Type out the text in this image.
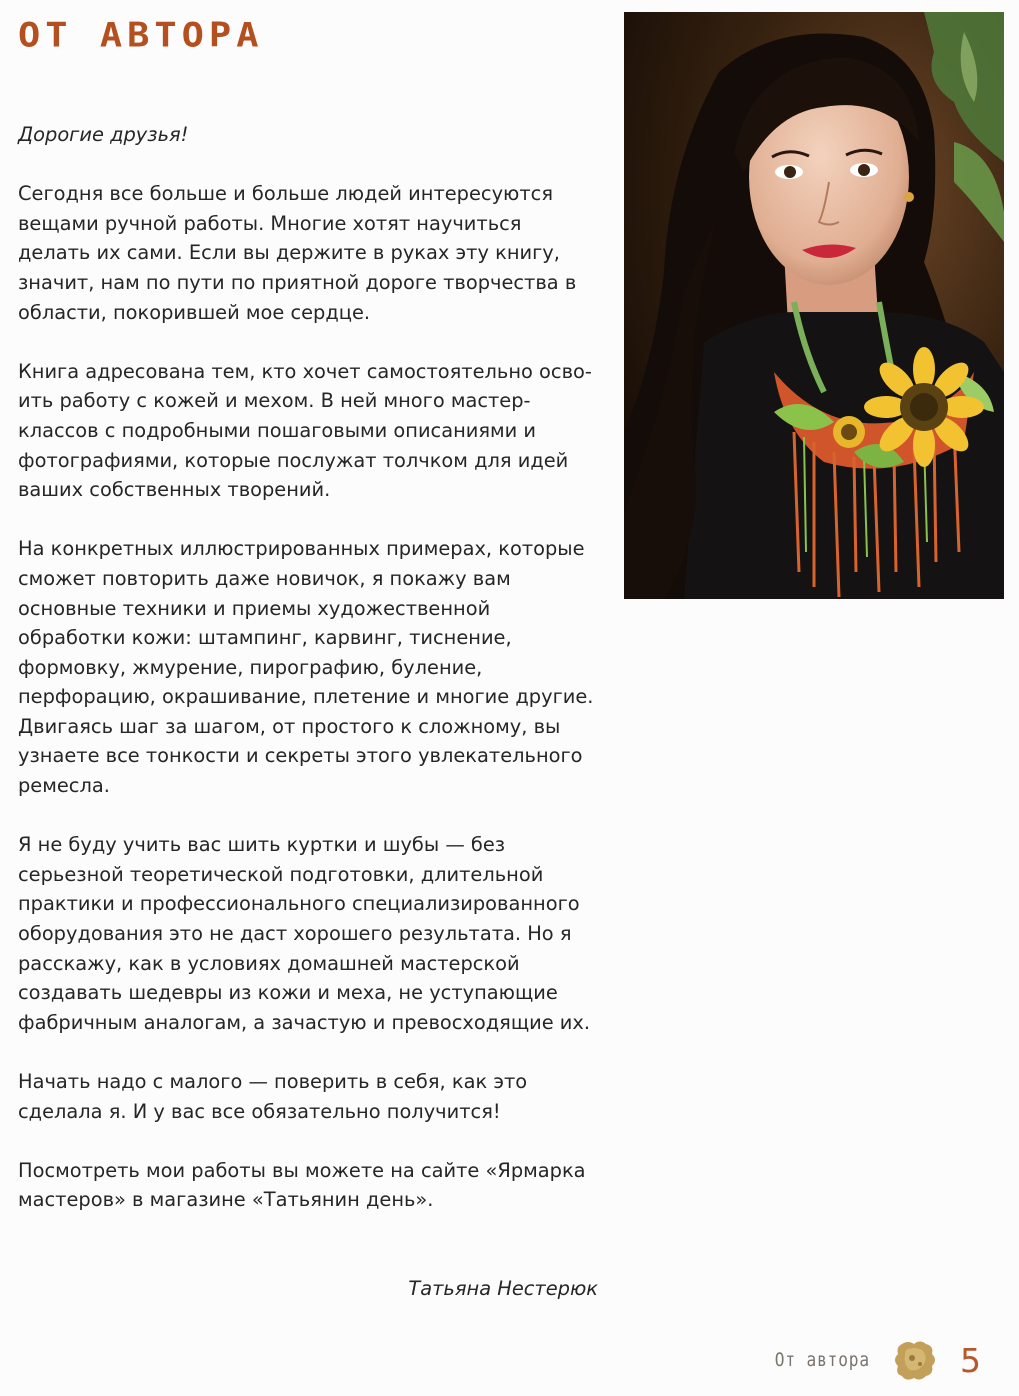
ОТ АВТОРА

Дорогие друзья!

Сегодня все больше и больше людей интересуются вещами ручной работы. Многие хотят научиться делать их сами. Если вы держите в руках эту книгу, значит, нам по пути по приятной дороге творчества в области, покорившей мое сердце.

Книга адресована тем, кто хочет самостоятельно освоить работу с кожей и мехом. В ней много мастер-классов с подробными пошаговыми описаниями и фотографиями, которые послужат толчком для идей ваших собственных творений.

На конкретных иллюстрированных примерах, которые сможет повторить даже новичок, я покажу вам основные техники и приемы художественной обработки кожи: штампинг, карвинг, тиснение, формовку, жмурение, пирографию, буление, перфорацию, окрашивание, плетение и многие другие. Двигаясь шаг за шагом, от простого к сложному, вы узнаете все тонкости и секреты этого увлекательного ремесла.

Я не буду учить вас шить куртки и шубы — без серьезной теоретической подготовки, длительной практики и профессионального специализированного оборудования это не даст хорошего результата. Но я расскажу, как в условиях домашней мастерской создавать шедевры из кожи и меха, не уступающие фабричным аналогам, а зачастую и превосходящие их.

Начать надо с малого — поверить в себя, как это сделала я. И у вас все обязательно получится!

Посмотреть мои работы вы можете на сайте «Ярмарка мастеров» в магазине «Татьянин день».

Татьяна Нестерюк

От автора	5
